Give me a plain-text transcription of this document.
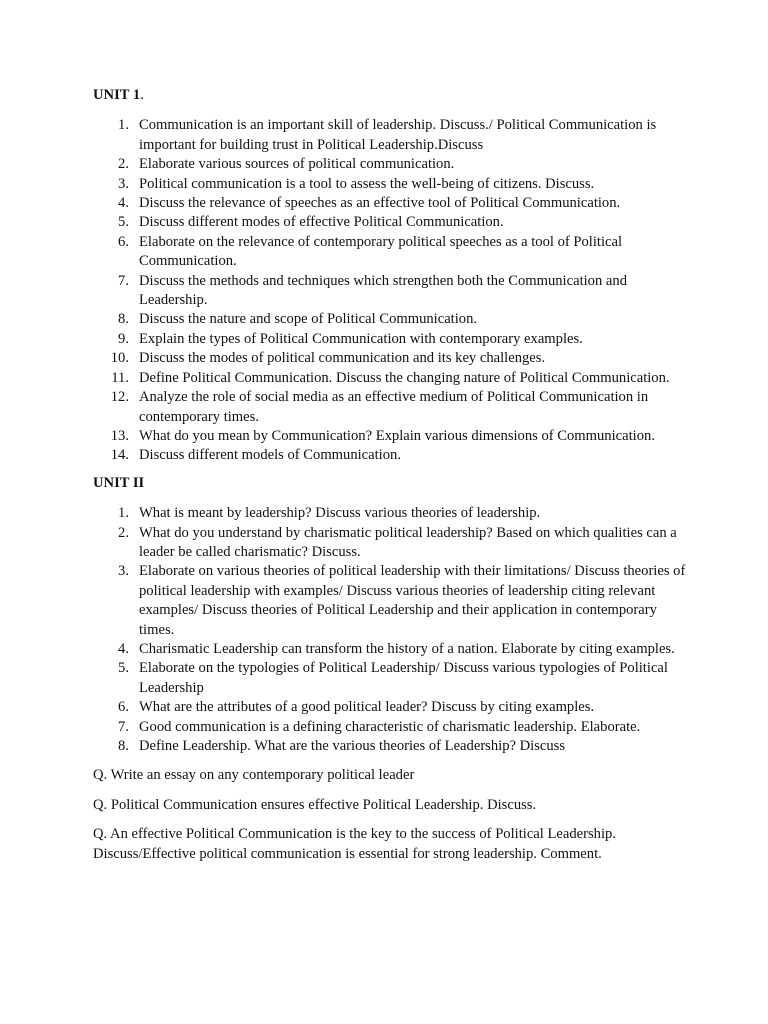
UNIT 1.
1. Communication is an important skill of leadership. Discuss./ Political Communication is important for building trust in Political Leadership.Discuss
2. Elaborate various sources of political communication.
3. Political communication is a tool to assess the well-being of citizens. Discuss.
4. Discuss the relevance of speeches as an effective tool of Political Communication.
5. Discuss different modes of effective Political Communication.
6. Elaborate on the relevance of contemporary political speeches as a tool of Political Communication.
7. Discuss the methods and techniques which strengthen both the Communication and Leadership.
8. Discuss the nature and scope of Political Communication.
9. Explain the types of Political Communication with contemporary examples.
10. Discuss the modes of political communication and its key challenges.
11. Define Political Communication. Discuss the changing nature of Political Communication.
12. Analyze the role of social media as an effective medium of Political Communication in contemporary times.
13. What do you mean by Communication? Explain various dimensions of Communication.
14. Discuss different models of Communication.
UNIT II
1. What is meant by leadership? Discuss various theories of leadership.
2. What do you understand by charismatic political leadership? Based on which qualities can a leader be called charismatic? Discuss.
3. Elaborate on various theories of political leadership with their limitations/ Discuss theories of political leadership with examples/ Discuss various theories of leadership citing relevant examples/ Discuss theories of Political Leadership and their application in contemporary times.
4. Charismatic Leadership can transform the history of a nation. Elaborate by citing examples.
5. Elaborate on the typologies of Political Leadership/ Discuss various typologies of Political Leadership
6. What are the attributes of a good political leader? Discuss by citing examples.
7. Good communication is a defining characteristic of charismatic leadership. Elaborate.
8. Define Leadership. What are the various theories of Leadership? Discuss

Q. Write an essay on any contemporary political leader

Q. Political Communication ensures effective Political Leadership. Discuss.

Q. An effective Political Communication is the key to the success of Political Leadership. Discuss/Effective political communication is essential for strong leadership. Comment.
